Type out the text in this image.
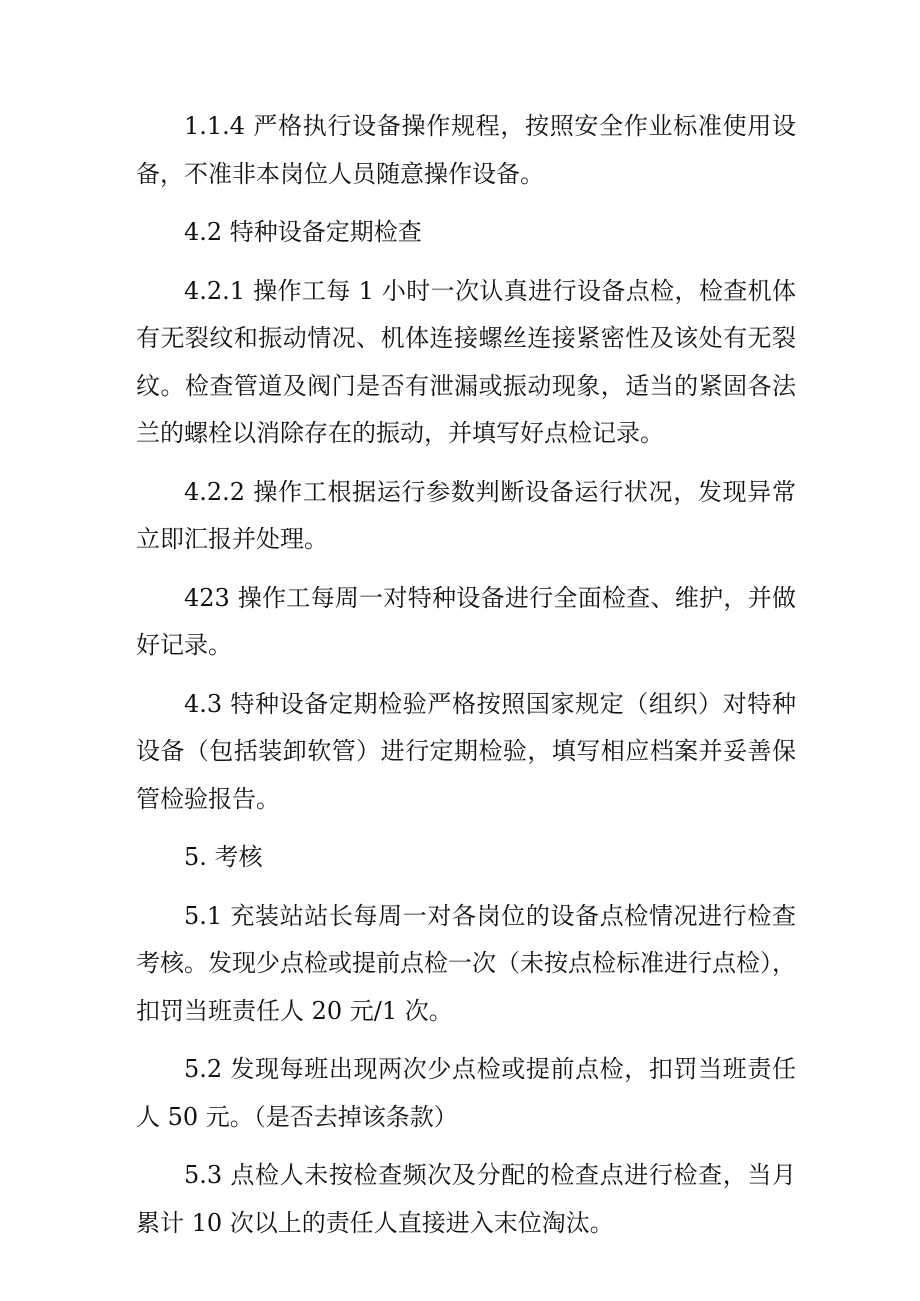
1.1.4 严格执行设备操作规程，按照安全作业标准使用设备，不准非本岗位人员随意操作设备。

4.2 特种设备定期检查

4.2.1 操作工每 1 小时一次认真进行设备点检，检查机体有无裂纹和振动情况、机体连接螺丝连接紧密性及该处有无裂纹。检查管道及阀门是否有泄漏或振动现象，适当的紧固各法兰的螺栓以消除存在的振动，并填写好点检记录。

4.2.2 操作工根据运行参数判断设备运行状况，发现异常立即汇报并处理。

423 操作工每周一对特种设备进行全面检查、维护，并做好记录。

4.3 特种设备定期检验严格按照国家规定（组织）对特种设备（包括装卸软管）进行定期检验，填写相应档案并妥善保管检验报告。

5. 考核

5.1 充装站站长每周一对各岗位的设备点检情况进行检查考核。发现少点检或提前点检一次（未按点检标准进行点检），扣罚当班责任人 20 元/1 次。

5.2 发现每班出现两次少点检或提前点检，扣罚当班责任人 50 元。（是否去掉该条款）

5.3 点检人未按检查频次及分配的检查点进行检查，当月累计 10 次以上的责任人直接进入末位淘汰。
